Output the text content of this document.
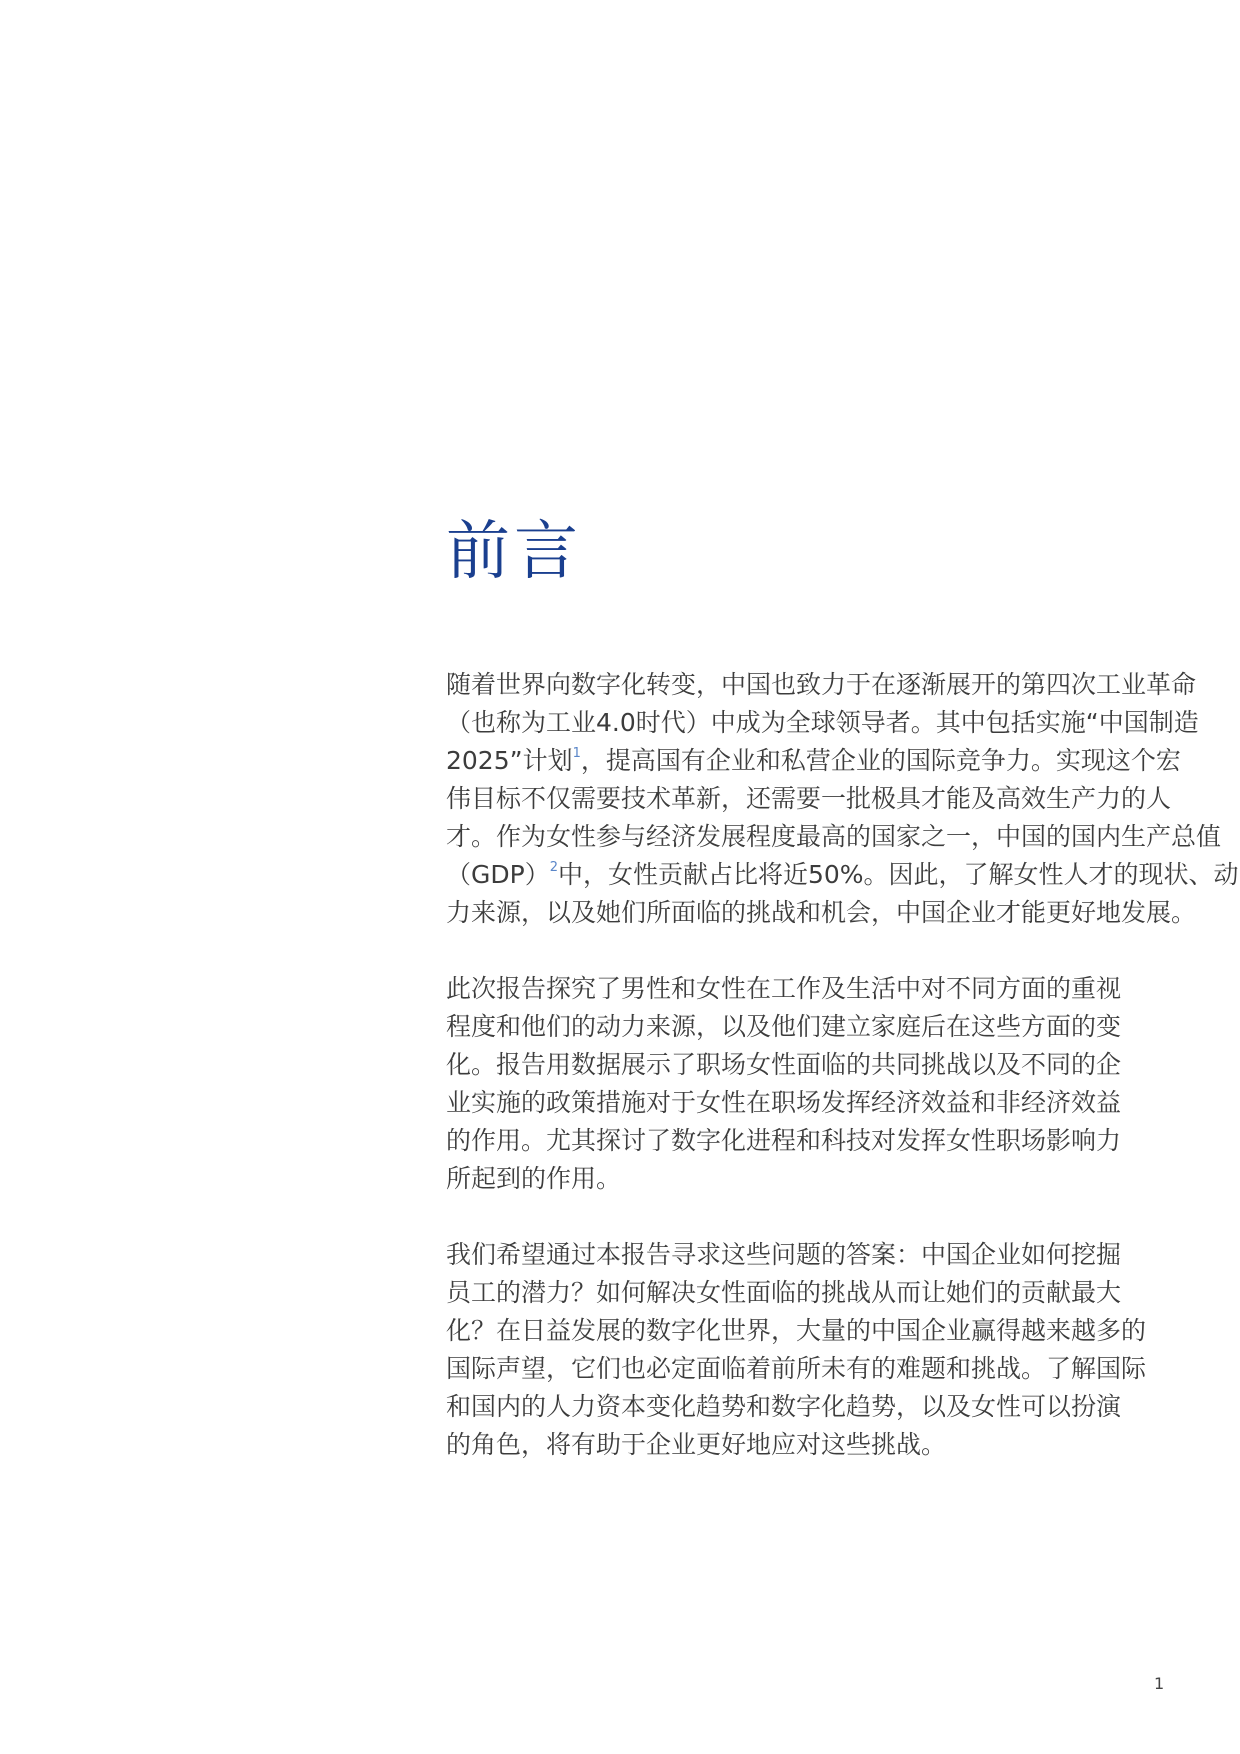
前言

随着世界向数字化转变，中国也致力于在逐渐展开的第四次工业革命
（也称为工业4.0时代）中成为全球领导者。其中包括实施“中国制造
2025”计划$^1$，提高国有企业和私营企业的国际竞争力。实现这个宏
伟目标不仅需要技术革新，还需要一批极具才能及高效生产力的人
才。作为女性参与经济发展程度最高的国家之一，中国的国内生产总值
（GDP）$^2$中，女性贡献占比将近50%。因此，了解女性人才的现状、动
力来源，以及她们所面临的挑战和机会，中国企业才能更好地发展。

此次报告探究了男性和女性在工作及生活中对不同方面的重视
程度和他们的动力来源，以及他们建立家庭后在这些方面的变
化。报告用数据展示了职场女性面临的共同挑战以及不同的企
业实施的政策措施对于女性在职场发挥经济效益和非经济效益
的作用。尤其探讨了数字化进程和科技对发挥女性职场影响力
所起到的作用。

我们希望通过本报告寻求这些问题的答案：中国企业如何挖掘
员工的潜力？如何解决女性面临的挑战从而让她们的贡献最大
化？在日益发展的数字化世界，大量的中国企业赢得越来越多的
国际声望，它们也必定面临着前所未有的难题和挑战。了解国际
和国内的人力资本变化趋势和数字化趋势，以及女性可以扮演
的角色，将有助于企业更好地应对这些挑战。

1
